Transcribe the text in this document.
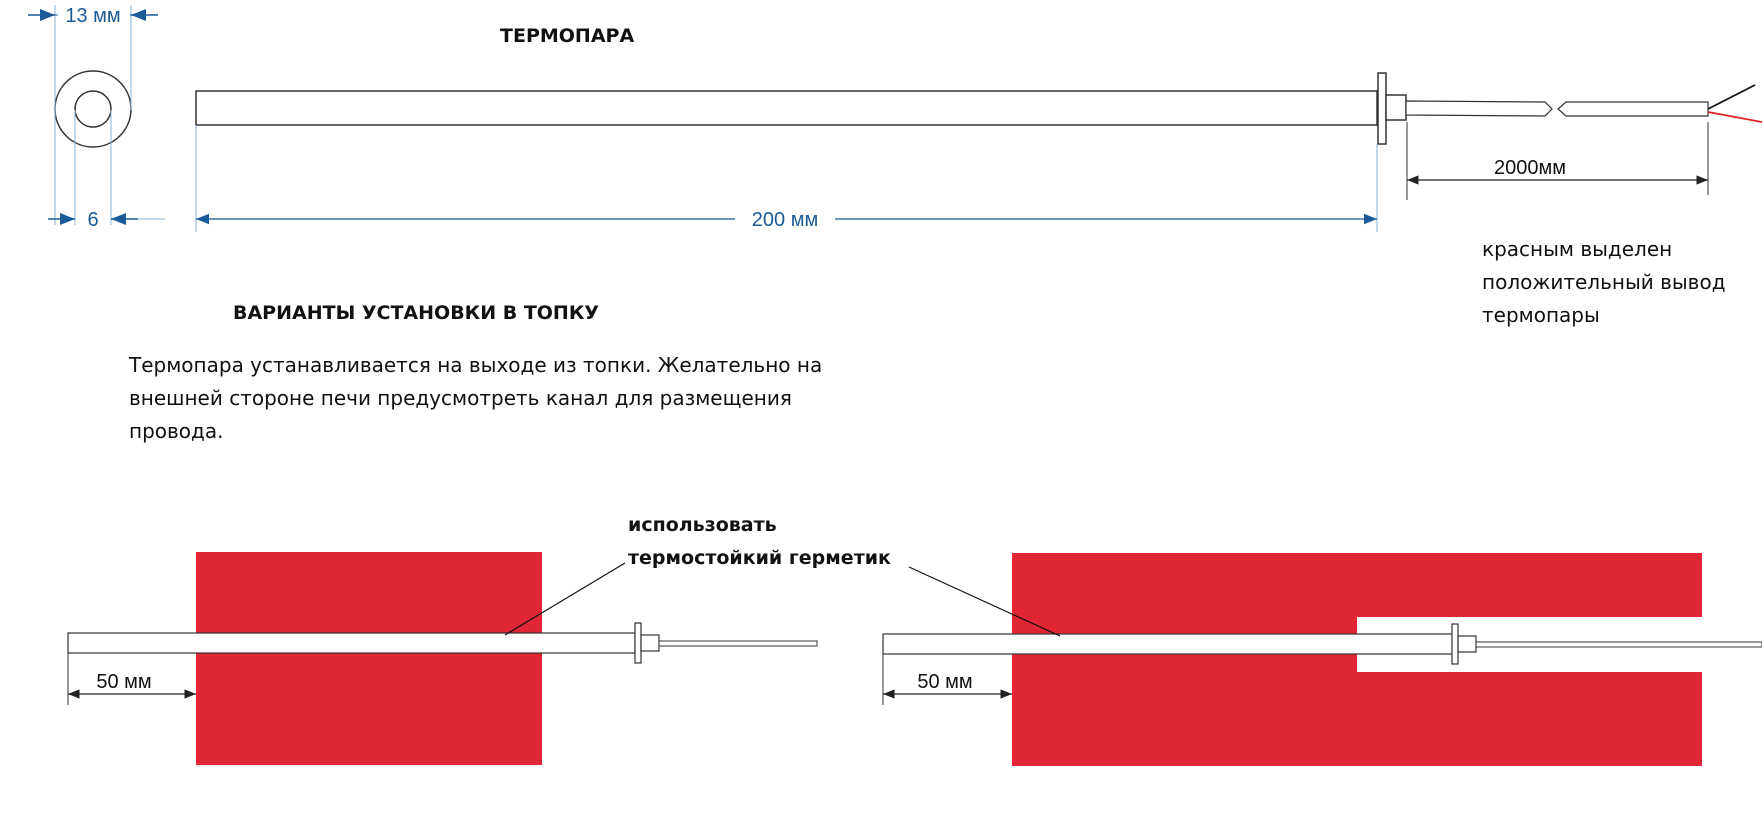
13 мм
6
ТЕРМОПАРА
200 мм
2000мм
красным выделен
положительный вывод
термопары
ВАРИАНТЫ УСТАНОВКИ В ТОПКУ
Термопара устанавливается на выходе из топки. Желательно на
внешней стороне печи предусмотреть канал для размещения
провода.
использовать
термостойкий герметик
50 мм	50 мм
